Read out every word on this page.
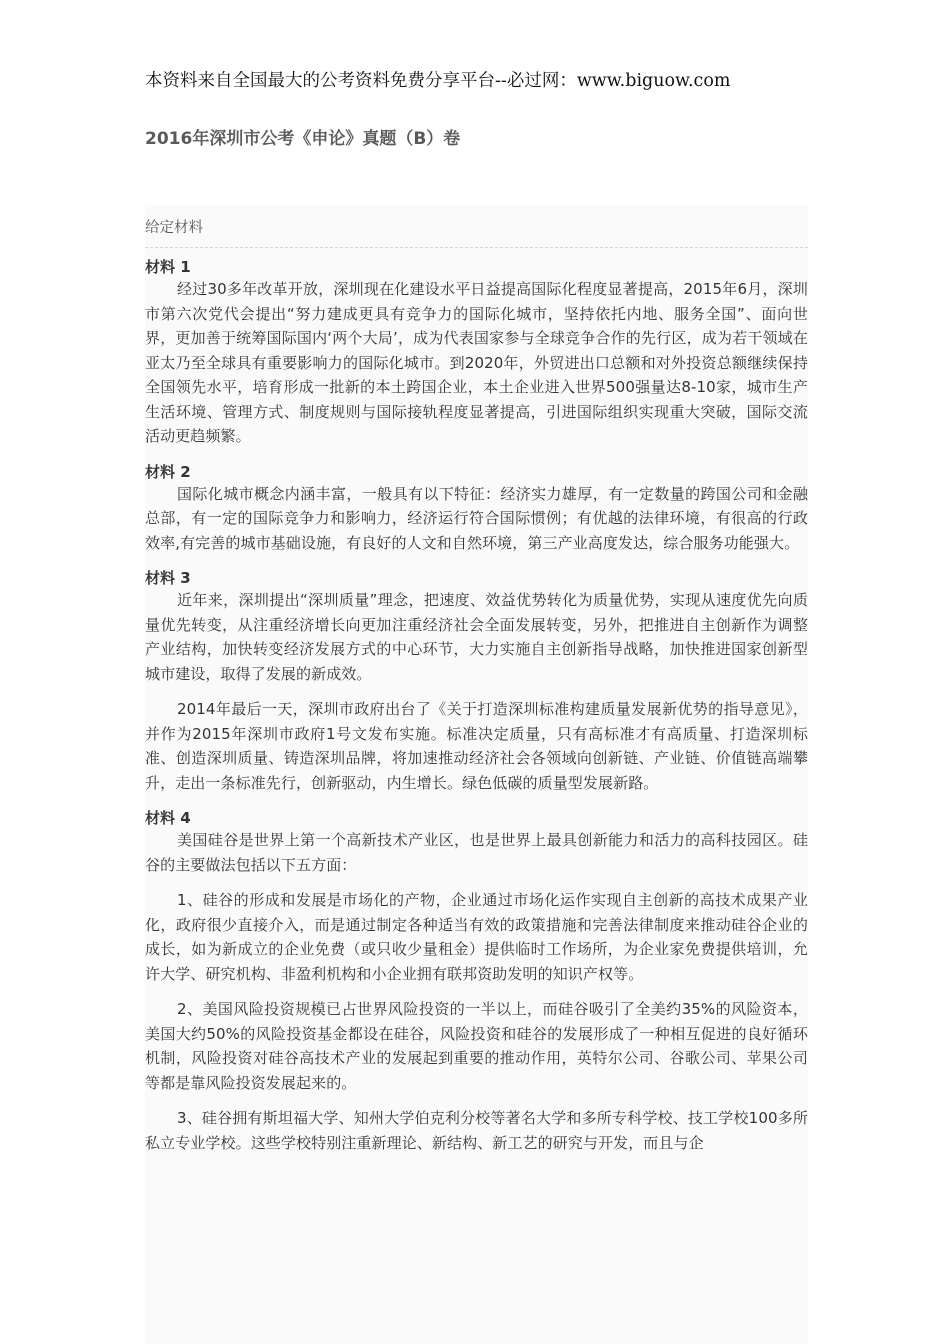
本资料来自全国最大的公考资料免费分享平台--必过网：www.biguow.com
2016年深圳市公考《申论》真题（B）卷
给定材料

材料 1

经过30多年改革开放，深圳现在化建设水平日益提高国际化程度显著提高，2015年6月，深圳市第六次党代会提出“努力建成更具有竞争力的国际化城市，坚持依托内地、服务全国”、面向世界，更加善于统筹国际国内‘两个大局’，成为代表国家参与全球竞争合作的先行区，成为若干领域在亚太乃至全球具有重要影响力的国际化城市。到2020年，外贸进出口总额和对外投资总额继续保持全国领先水平，培育形成一批新的本土跨国企业，本土企业进入世界500强量达8-10家，城市生产生活环境、管理方式、制度规则与国际接轨程度显著提高，引进国际组织实现重大突破，国际交流活动更趋频繁。

材料 2

国际化城市概念内涵丰富，一般具有以下特征：经济实力雄厚，有一定数量的跨国公司和金融总部，有一定的国际竞争力和影响力，经济运行符合国际惯例；有优越的法律环境，有很高的行政效率,有完善的城市基础设施，有良好的人文和自然环境，第三产业高度发达，综合服务功能强大。

材料 3

近年来，深圳提出“深圳质量”理念，把速度、效益优势转化为质量优势，实现从速度优先向质量优先转变，从注重经济增长向更加注重经济社会全面发展转变，另外，把推进自主创新作为调整产业结构，加快转变经济发展方式的中心环节，大力实施自主创新指导战略，加快推进国家创新型城市建设，取得了发展的新成效。

2014年最后一天，深圳市政府出台了《关于打造深圳标准构建质量发展新优势的指导意见》，并作为2015年深圳市政府1号文发布实施。标准决定质量，只有高标准才有高质量、打造深圳标准、创造深圳质量、铸造深圳品牌，将加速推动经济社会各领域向创新链、产业链、价值链高端攀升，走出一条标准先行，创新驱动，内生增长。绿色低碳的质量型发展新路。

材料 4

美国硅谷是世界上第一个高新技术产业区，也是世界上最具创新能力和活力的高科技园区。硅谷的主要做法包括以下五方面：

1、硅谷的形成和发展是市场化的产物，企业通过市场化运作实现自主创新的高技术成果产业化，政府很少直接介入，而是通过制定各种适当有效的政策措施和完善法律制度来推动硅谷企业的成长，如为新成立的企业免费（或只收少量租金）提供临时工作场所，为企业家免费提供培训，允许大学、研究机构、非盈利机构和小企业拥有联邦资助发明的知识产权等。

2、美国风险投资规模已占世界风险投资的一半以上，而硅谷吸引了全美约35%的风险资本，美国大约50%的风险投资基金都设在硅谷，风险投资和硅谷的发展形成了一种相互促进的良好循环机制，风险投资对硅谷高技术产业的发展起到重要的推动作用，英特尔公司、谷歌公司、苹果公司等都是靠风险投资发展起来的。

3、硅谷拥有斯坦福大学、知州大学伯克利分校等著名大学和多所专科学校、技工学校100多所私立专业学校。这些学校特别注重新理论、新结构、新工艺的研究与开发，而且与企
